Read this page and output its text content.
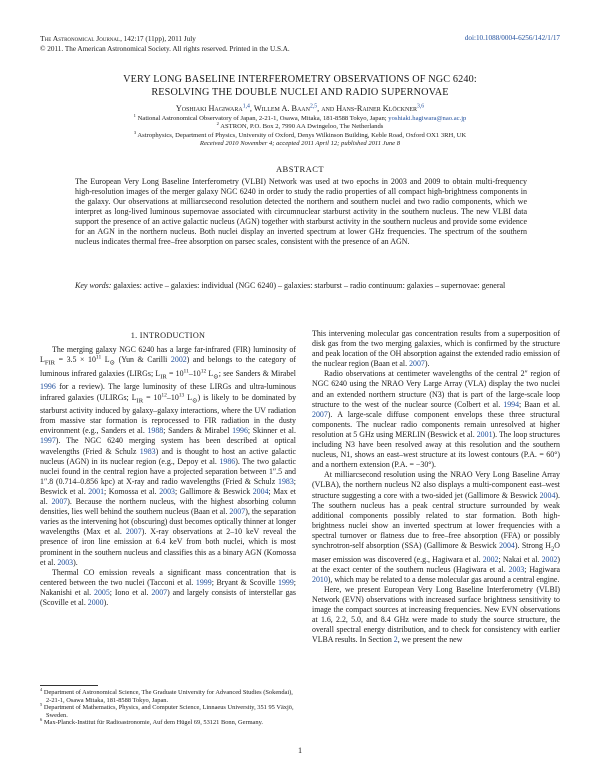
The Astronomical Journal, 142:17 (11pp), 2011 July
© 2011. The American Astronomical Society. All rights reserved. Printed in the U.S.A.
doi:10.1088/0004-6256/142/1/17
VERY LONG BASELINE INTERFEROMETRY OBSERVATIONS OF NGC 6240:
RESOLVING THE DOUBLE NUCLEI AND RADIO SUPERNOVAE
Yoshiaki Hagiwara$^{1,4}$, Willem A. Baan$^{2,5}$, and Hans-Rainer Klöckner$^{3,6}$
$^1$ National Astronomical Observatory of Japan, 2-21-1, Osawa, Mitaka, 181-8588 Tokyo, Japan; yoshiaki.hagiwara@nao.ac.jp
$^2$ ASTRON, P.O. Box 2, 7990 AA Dwingeloo, The Netherlands
$^3$ Astrophysics, Department of Physics, University of Oxford, Denys Wilkinson Building, Keble Road, Oxford OX1 3RH, UK
Received 2010 November 4; accepted 2011 April 12; published 2011 June 8
ABSTRACT
The European Very Long Baseline Interferometry (VLBI) Network was used at two epochs in 2003 and 2009 to obtain multi-frequency high-resolution images of the merger galaxy NGC 6240 in order to study the radio properties of all compact high-brightness components in the galaxy. Our observations at milliarcsecond resolution detected the northern and southern nuclei and two radio components, which we interpret as long-lived luminous supernovae associated with circumnuclear starburst activity in the southern nucleus. The new VLBI data support the presence of an active galactic nucleus (AGN) together with starburst activity in the southern nucleus and provide some evidence for an AGN in the northern nucleus. Both nuclei display an inverted spectrum at lower GHz frequencies. The spectrum of the southern nucleus indicates thermal free–free absorption on parsec scales, consistent with the presence of an AGN.
Key words: galaxies: active – galaxies: individual (NGC 6240) – galaxies: starburst – radio continuum: galaxies – supernovae: general
1. INTRODUCTION

The merging galaxy NGC 6240 has a large far-infrared (FIR) luminosity of $L_{FIR} = 3.5 \times 10^{11}$ $L_⊙$ (Yun & Carilli 2002) and belongs to the category of luminous infrared galaxies (LIRGs; $L_{IR} = 10^{11}-10^{12}$ $L_⊙$; see Sanders & Mirabel 1996 for a review). The large luminosity of these LIRGs and ultra-luminous infrared galaxies (ULIRGs; $L_{IR} = 10^{12}-10^{13}$ $L_⊙$) is likely to be dominated by starburst activity induced by galaxy–galaxy interactions, where the UV radiation from massive star formation is reprocessed to FIR radiation in the dusty environment (e.g., Sanders et al. 1988; Sanders & Mirabel 1996; Skinner et al. 1997). The NGC 6240 merging system has been described at optical wavelengths (Fried & Schulz 1983) and is thought to host an active galactic nucleus (AGN) in its nuclear region (e.g., Depoy et al. 1986). The two galactic nuclei found in the central region have a projected separation between 1″.5 and 1″.8 (0.714–0.856 kpc) at X-ray and radio wavelengths (Fried & Schulz 1983; Beswick et al. 2001; Komossa et al. 2003; Gallimore & Beswick 2004; Max et al. 2007). Because the northern nucleus, with the highest absorbing column densities, lies well behind the southern nucleus (Baan et al. 2007), the separation varies as the intervening hot (obscuring) dust becomes optically thinner at longer wavelengths (Max et al. 2007). X-ray observations at 2–10 keV reveal the presence of iron line emission at 6.4 keV from both nuclei, which is most prominent in the southern nucleus and classifies this as a binary AGN (Komossa et al. 2003).

Thermal CO emission reveals a significant mass concentration that is centered between the two nuclei (Tacconi et al. 1999; Bryant & Scoville 1999; Nakanishi et al. 2005; Iono et al. 2007) and largely consists of interstellar gas (Scoville et al. 2000).

This intervening molecular gas concentration results from a superposition of disk gas from the two merging galaxies, which is confirmed by the structure and peak location of the OH absorption against the extended radio emission of the nuclear region (Baan et al. 2007).

Radio observations at centimeter wavelengths of the central 2″ region of NGC 6240 using the NRAO Very Large Array (VLA) display the two nuclei and an extended northern structure (N3) that is part of the large-scale loop structure to the west of the nuclear source (Colbert et al. 1994; Baan et al. 2007). A large-scale diffuse component envelops these three structural components. The nuclear radio components remain unresolved at higher resolution at 5 GHz using MERLIN (Beswick et al. 2001). The loop structures including N3 have been resolved away at this resolution and the southern nucleus, N1, shows an east–west structure at its lowest contours (P.A. = 60°) and a northern extension (P.A. = −30°).

At milliarcsecond resolution using the NRAO Very Long Baseline Array (VLBA), the northern nucleus N2 also displays a multi-component east–west structure suggesting a core with a two-sided jet (Gallimore & Beswick 2004). The southern nucleus has a peak central structure surrounded by weak additional components possibly related to star formation. Both high-brightness nuclei show an inverted spectrum at lower frequencies with a spectral turnover or flatness due to free–free absorption (FFA) or possibly synchrotron-self absorption (SSA) (Gallimore & Beswick 2004). Strong $H_2O$ maser emission was discovered (e.g., Hagiwara et al. 2002; Nakai et al. 2002) at the exact center of the southern nucleus (Hagiwara et al. 2003; Hagiwara 2010), which may be related to a dense molecular gas around a central engine.

Here, we present European Very Long Baseline Interferometry (VLBI) Network (EVN) observations with increased surface brightness sensitivity to image the compact sources at increasing frequencies. New EVN observations at 1.6, 2.2, 5.0, and 8.4 GHz were made to study the source structure, the overall spectral energy distribution, and to check for consistency with earlier VLBA results. In Section 2, we present the new

$^4$ Department of Astronomical Science, The Graduate University for Advanced Studies (Sokendai), 2-21-1, Osawa Mitaka, 181-8588 Tokyo, Japan.
$^5$ Department of Mathematics, Physics, and Computer Science, Linnaeus University, 351 95 Växjö, Sweden.
$^6$ Max-Planck-Institut für Radioastronomie, Auf dem Hügel 69, 53121 Bonn, Germany.
1
